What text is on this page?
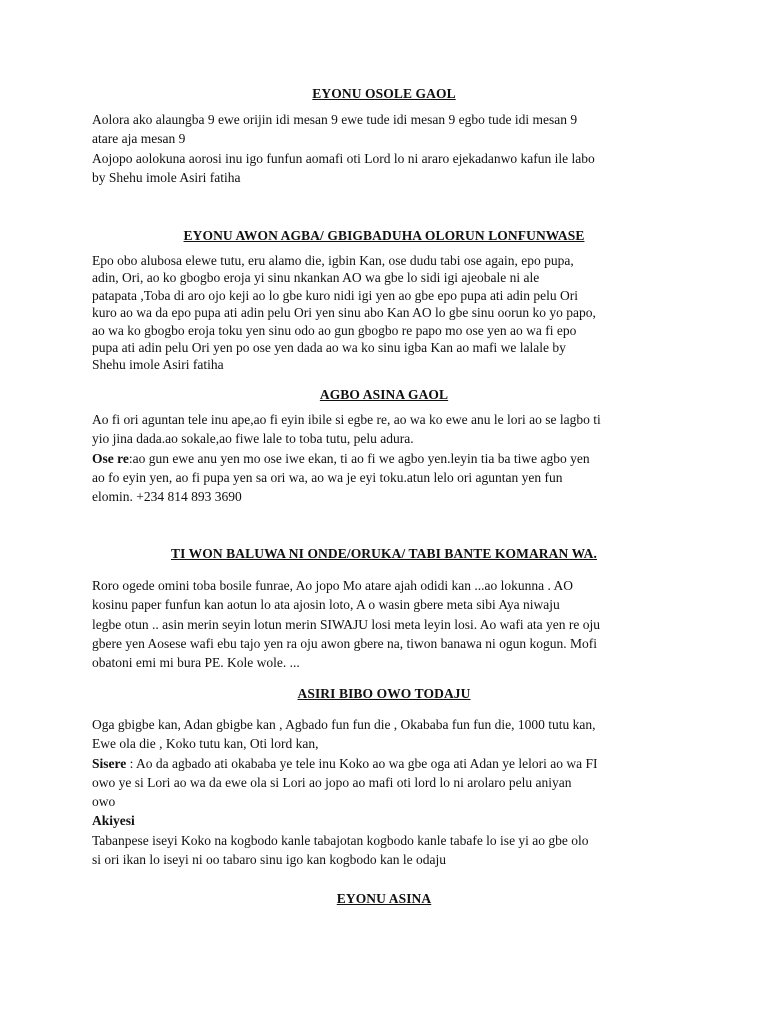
EYONU OSOLE GAOL

Aolora ako alaungba 9 ewe orijin idi mesan 9 ewe tude idi mesan 9 egbo tude idi mesan 9

atare aja mesan 9

Aojopo aolokuna aorosi inu igo funfun aomafi oti Lord lo ni araro ejekadanwo kafun ile labo

by Shehu imole Asiri fatiha

EYONU AWON AGBA/ GBIGBADUHA OLORUN LONFUNWASE

Epo obo alubosa elewe tutu, eru alamo die, igbin Kan, ose dudu tabi ose again, epo pupa,

adin, Ori, ao ko gbogbo eroja yi sinu nkankan AO wa gbe lo sidi igi ajeobale ni ale

patapata ,Toba di aro ojo keji ao lo gbe kuro nidi igi yen ao gbe epo pupa ati adin pelu Ori

kuro ao wa da epo pupa ati adin pelu Ori yen sinu abo Kan AO lo gbe sinu oorun ko yo papo,

ao wa ko gbogbo eroja toku yen sinu odo ao gun gbogbo re papo mo ose yen ao wa fi epo

pupa ati adin pelu Ori yen po ose yen dada ao wa ko sinu igba Kan ao mafi we lalale by

Shehu imole Asiri fatiha

AGBO ASINA GAOL

Ao fi ori aguntan tele inu ape,ao fi eyin ibile si egbe re, ao wa ko ewe anu le lori ao se lagbo ti

yio jina dada.ao sokale,ao fiwe lale to toba tutu, pelu adura.

Ose re:ao gun ewe anu yen mo ose iwe ekan, ti ao fi we agbo yen.leyin tia ba tiwe agbo yen

ao fo eyin yen, ao fi pupa yen sa ori wa, ao wa je eyi toku.atun lelo ori aguntan yen fun

elomin. +234 814 893 3690

TI WON BALUWA NI ONDE/ORUKA/ TABI BANTE KOMARAN WA.

Roro ogede omini toba bosile funrae, Ao jopo Mo atare ajah odidi kan ...ao lokunna . AO

kosinu paper funfun kan aotun lo ata ajosin loto, A o wasin gbere meta sibi Aya niwaju

legbe otun .. asin merin seyin lotun merin SIWAJU losi meta leyin losi. Ao wafi ata yen re oju

gbere yen Aosese wafi ebu tajo yen ra oju awon gbere na, tiwon banawa ni ogun kogun. Mofi

obatoni emi mi bura PE. Kole wole. ...

ASIRI BIBO OWO TODAJU

Oga gbigbe kan, Adan gbigbe kan , Agbado fun fun die , Okababa fun fun die, 1000 tutu kan,

Ewe ola die , Koko tutu kan, Oti lord kan,

Sisere : Ao da agbado ati okababa ye tele inu Koko ao wa gbe oga ati Adan ye lelori ao wa FI

owo ye si Lori ao wa da ewe ola si Lori ao jopo ao mafi oti lord lo ni arolaro pelu aniyan

owo

Akiyesi

Tabanpese iseyi Koko na kogbodo kanle tabajotan kogbodo kanle tabafe lo ise yi ao gbe olo

si ori ikan lo iseyi ni oo tabaro sinu igo kan kogbodo kan le odaju

EYONU ASINA
